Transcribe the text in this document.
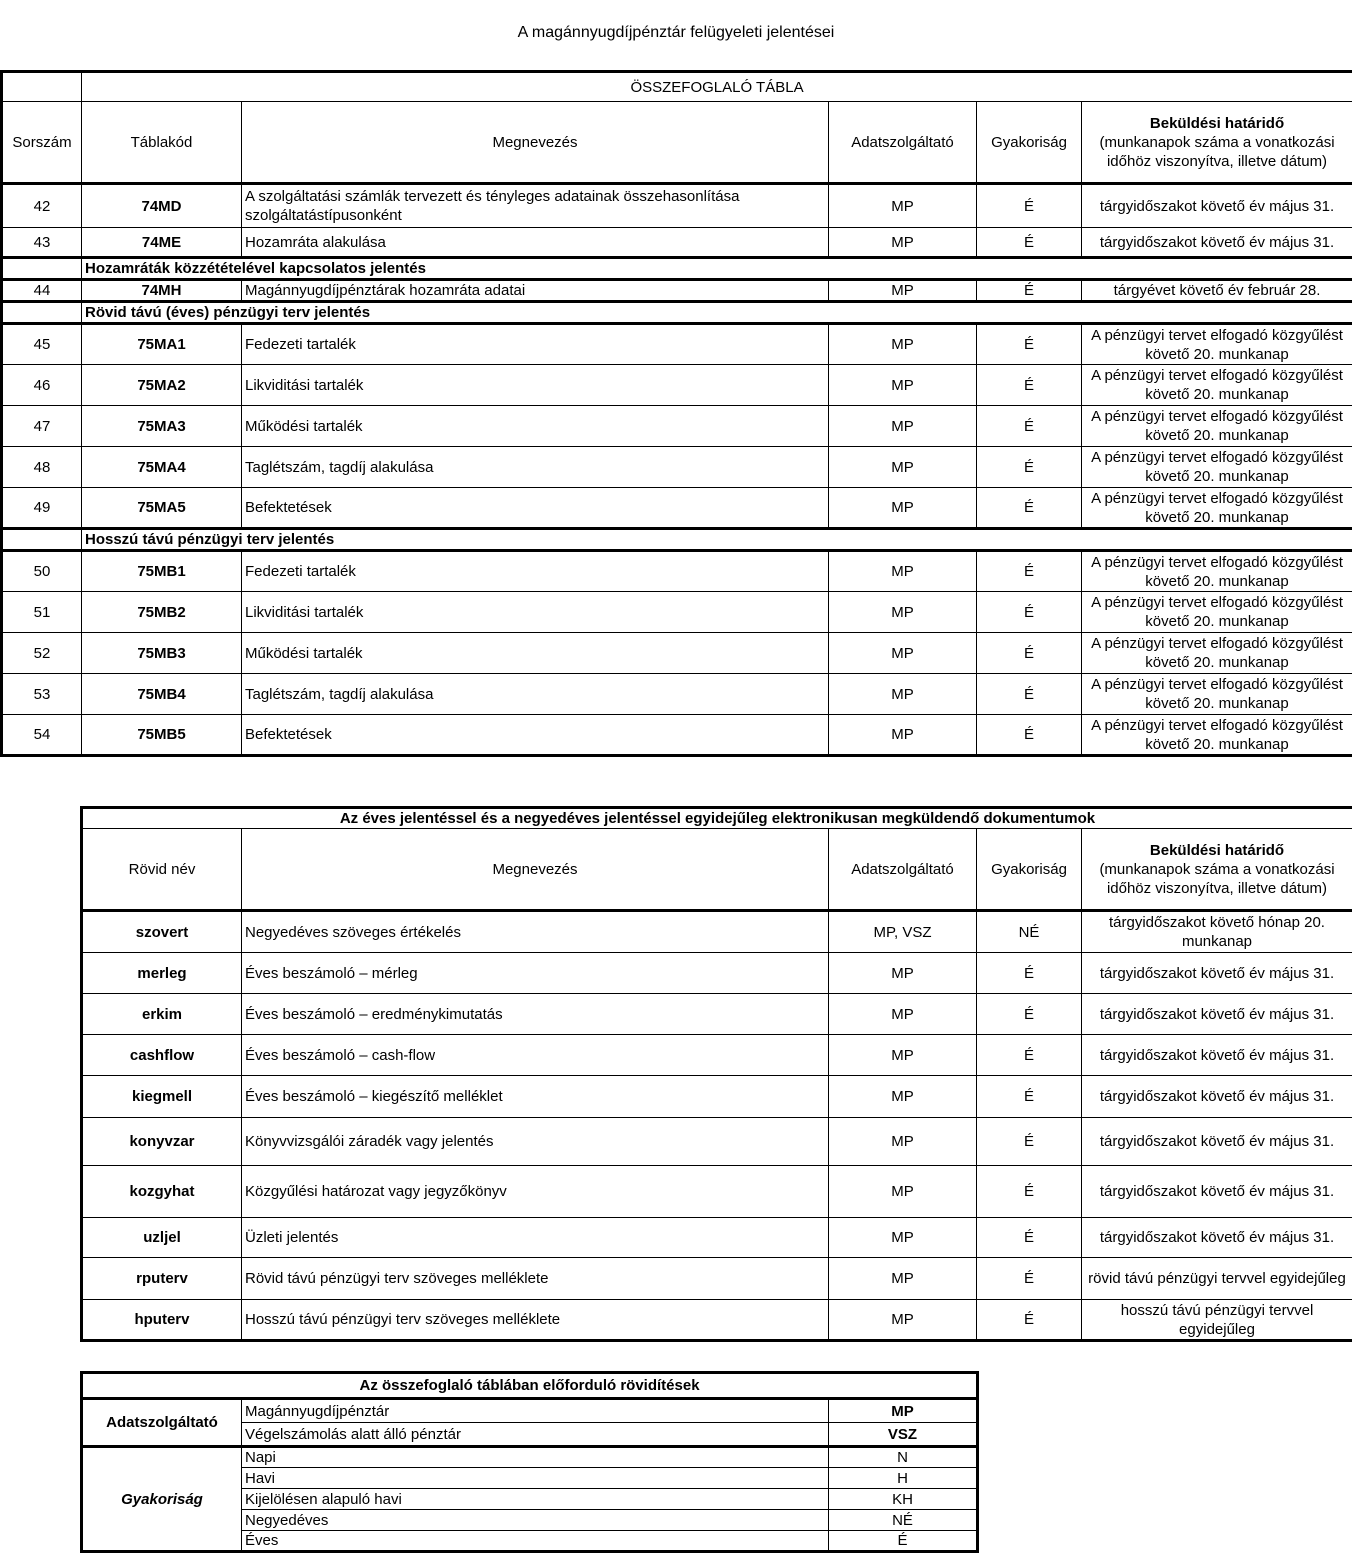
A magánnyugdíjpénztár felügyeleti jelentései
	ÖSSZEFOGLALÓ TÁBLA				
Sorszám	Táblakód	Megnevezés	Adatszolgáltató	Gyakoriság	Beküldési határidő
(munkanapok száma a vonatkozási időhöz viszonyítva, illetve dátum)

42	74MD	A szolgáltatási számlák tervezett és tényleges adatainak összehasonlítása szolgáltatástípusonként	MP	É	tárgyidőszakot követő év május 31.
43	74ME	Hozamráta alakulása	MP	É	tárgyidőszakot követő év május 31.
	Hozamráták közzétételével kapcsolatos jelentés				
44	74MH	Magánnyugdíjpénztárak hozamráta adatai	MP	É	tárgyévet követő év február 28.
	Rövid távú (éves) pénzügyi terv jelentés				
45	75MA1	Fedezeti tartalék	MP	É	A pénzügyi tervet elfogadó közgyűlést követő 20. munkanap
46	75MA2	Likviditási tartalék	MP	É	A pénzügyi tervet elfogadó közgyűlést követő 20. munkanap
47	75MA3	Működési tartalék	MP	É	A pénzügyi tervet elfogadó közgyűlést követő 20. munkanap
48	75MA4	Taglétszám, tagdíj alakulása	MP	É	A pénzügyi tervet elfogadó közgyűlést követő 20. munkanap
49	75MA5	Befektetések	MP	É	A pénzügyi tervet elfogadó közgyűlést követő 20. munkanap
	Hosszú távú pénzügyi terv jelentés				
50	75MB1	Fedezeti tartalék	MP	É	A pénzügyi tervet elfogadó közgyűlést követő 20. munkanap
51	75MB2	Likviditási tartalék	MP	É	A pénzügyi tervet elfogadó közgyűlést követő 20. munkanap
52	75MB3	Működési tartalék	MP	É	A pénzügyi tervet elfogadó közgyűlést követő 20. munkanap
53	75MB4	Taglétszám, tagdíj alakulása	MP	É	A pénzügyi tervet elfogadó közgyűlést követő 20. munkanap
54	75MB5	Befektetések	MP	É	A pénzügyi tervet elfogadó közgyűlést követő 20. munkanap
Az éves jelentéssel és a negyedéves jelentéssel egyidejűleg elektronikusan megküldendő dokumentumok				
Rövid név	Megnevezés	Adatszolgáltató	Gyakoriság	Beküldési határidő
(munkanapok száma a vonatkozási időhöz viszonyítva, illetve dátum)

szovert	Negyedéves szöveges értékelés	MP, VSZ	NÉ	tárgyidőszakot követő hónap 20. munkanap
merleg	Éves beszámoló – mérleg	MP	É	tárgyidőszakot követő év május 31.
erkim	Éves beszámoló – eredménykimutatás	MP	É	tárgyidőszakot követő év május 31.
cashflow	Éves beszámoló – cash-flow	MP	É	tárgyidőszakot követő év május 31.
kiegmell	Éves beszámoló – kiegészítő melléklet	MP	É	tárgyidőszakot követő év május 31.
konyvzar	Könyvvizsgálói záradék vagy jelentés	MP	É	tárgyidőszakot követő év május 31.
kozgyhat	Közgyűlési határozat vagy jegyzőkönyv	MP	É	tárgyidőszakot követő év május 31.
uzljel	Üzleti jelentés	MP	É	tárgyidőszakot követő év május 31.
rputerv	Rövid távú pénzügyi terv szöveges melléklete	MP	É	rövid távú pénzügyi tervvel egyidejűleg
hputerv	Hosszú távú pénzügyi terv szöveges melléklete	MP	É	hosszú távú pénzügyi tervvel egyidejűleg
Az összefoglaló táblában előforduló rövidítések		
Adatszolgáltató	Magánnyugdíjpénztár	MP
	Végelszámolás alatt álló pénztár	VSZ
Gyakoriság	Napi	N
	Havi	H
	Kijelölésen alapuló havi	KH
	Negyedéves	NÉ
	Éves	É
